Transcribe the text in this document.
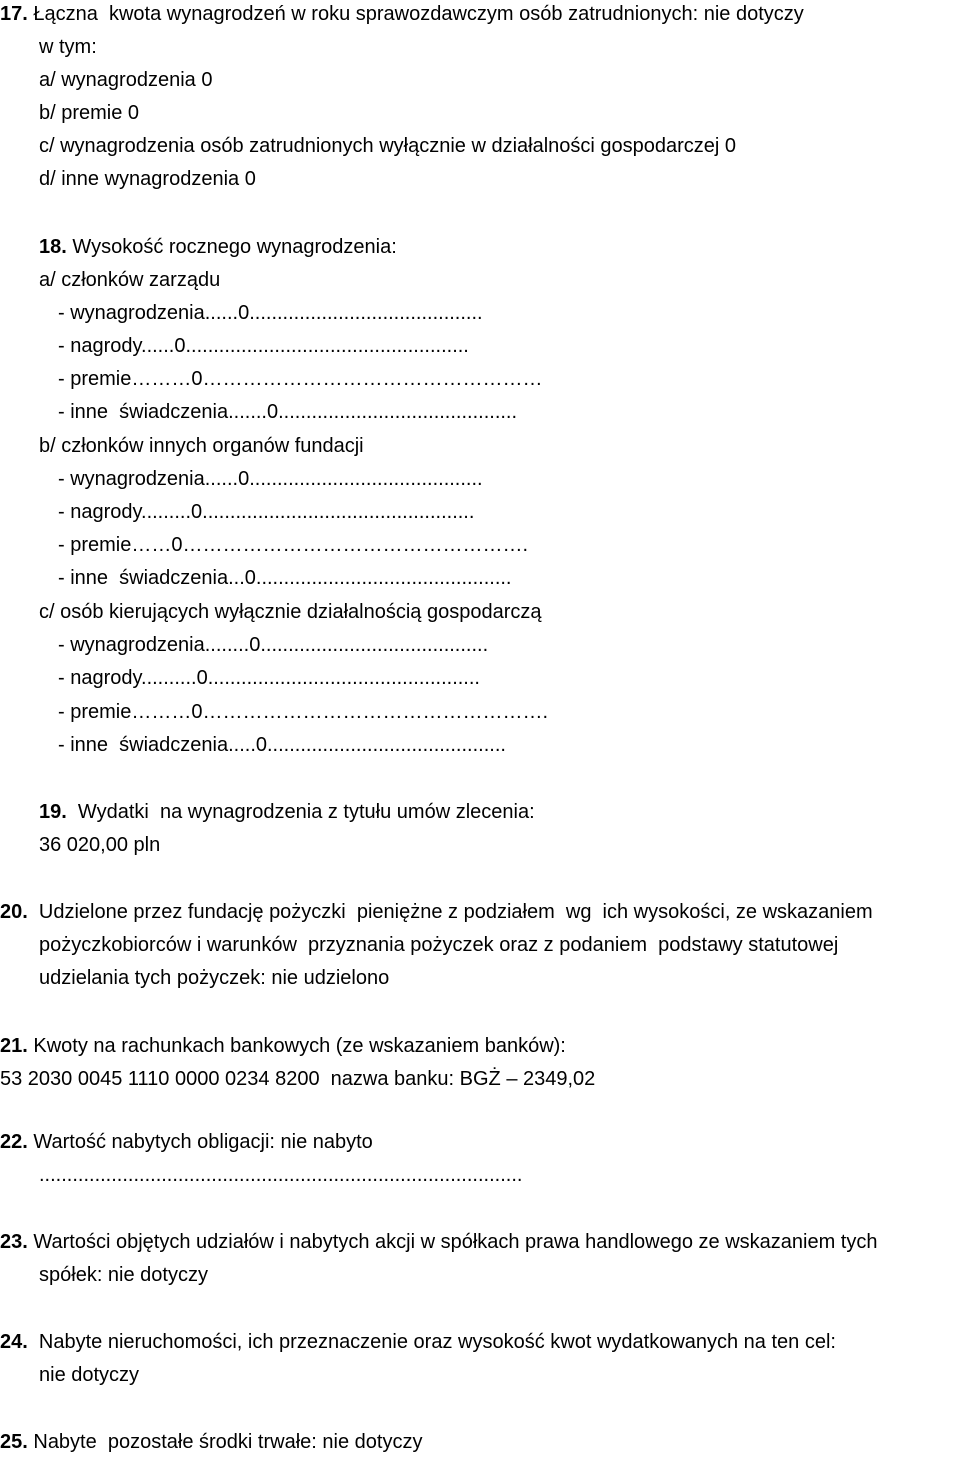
17. Łączna  kwota wynagrodzeń w roku sprawozdawczym osób zatrudnionych: nie dotyczy
w tym:
a/ wynagrodzenia 0
b/ premie 0
c/ wynagrodzenia osób zatrudnionych wyłącznie w działalności gospodarczej 0
d/ inne wynagrodzenia 0
18. Wysokość rocznego wynagrodzenia:
a/ członków zarządu
- wynagrodzenia......0..........................................
- nagrody......0...................................................
- premie………0……………………………………………
- inne  świadczenia.......0...........................................
b/ członków innych organów fundacji
- wynagrodzenia......0..........................................
- nagrody.........0.................................................
- premie……0…………………………………………….
- inne  świadczenia...0..............................................
c/ osób kierujących wyłącznie działalnością gospodarczą
- wynagrodzenia........0.........................................
- nagrody..........0.................................................
- premie………0…………………………………………….
- inne  świadczenia.....0...........................................
19.  Wydatki  na wynagrodzenia z tytułu umów zlecenia:
36 020,00 pln
20.  Udzielone przez fundację pożyczki  pieniężne z podziałem  wg  ich wysokości, ze wskazaniem
pożyczkobiorców i warunków  przyznania pożyczek oraz z podaniem  podstawy statutowej
udzielania tych pożyczek: nie udzielono
21. Kwoty na rachunkach bankowych (ze wskazaniem banków):
53 2030 0045 1110 0000 0234 8200  nazwa banku: BGŻ – 2349,02
22. Wartość nabytych obligacji: nie nabyto
.......................................................................................
23. Wartości objętych udziałów i nabytych akcji w spółkach prawa handlowego ze wskazaniem tych
spółek: nie dotyczy
24.  Nabyte nieruchomości, ich przeznaczenie oraz wysokość kwot wydatkowanych na ten cel:
nie dotyczy
25. Nabyte  pozostałe środki trwałe: nie dotyczy
